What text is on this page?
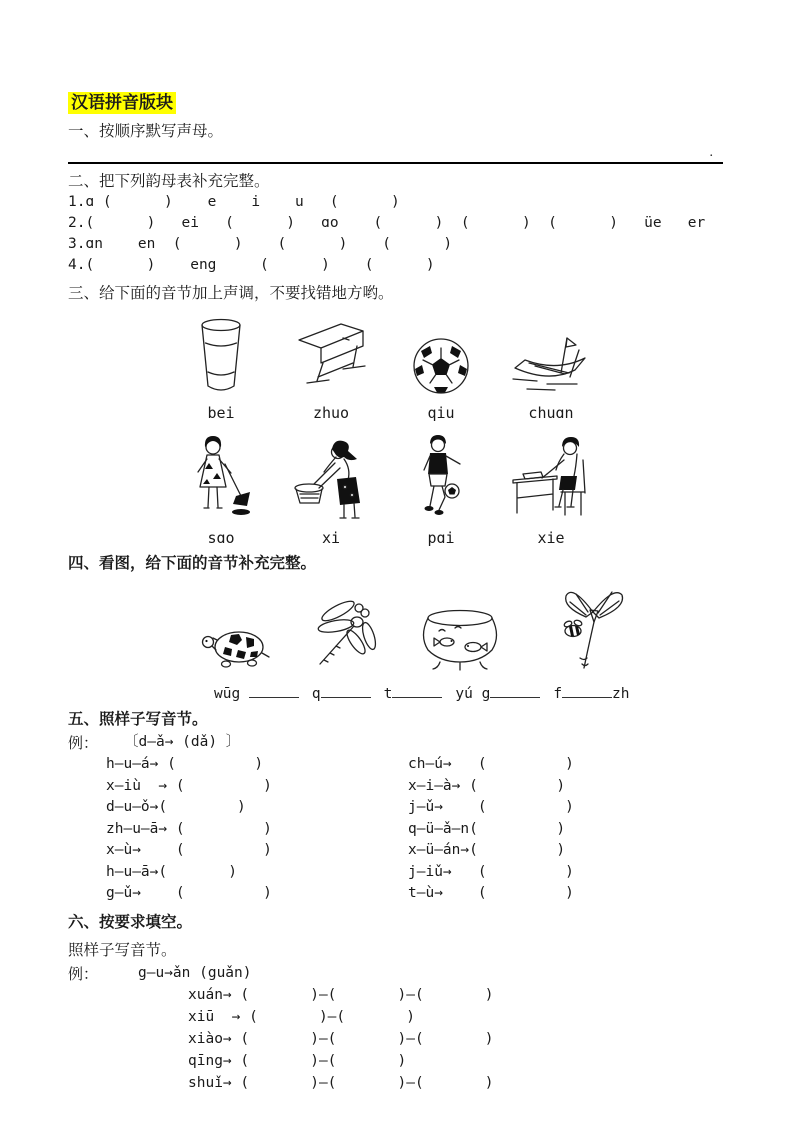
汉语拼音版块
一、按顺序默写声母。
.
二、把下列韵母表补充完整。
1.ɑ (      )    e    i    u   (      )
2.(      )   ei   (      )   ɑo    (      )  (      )  (      )   üe   er
3.ɑn    en  (      )    (      )    (      )
4.(      )    eng     (      )    (      )
三、给下面的音节加上声调，不要找错地方哟。
bei	zhuo	qiu	chuɑn
sɑo	xi	pɑi	xie
四、看图，给下面的音节补充完整。
wūg	q	t	yú g	f	zh
五、照样子写音节。
例：	〔d—ǎ→ (dǎ) 〕
h—u—á→ (         )	ch—ú→   (         )
x—iù  → (         )	x—i—à→ (         )
d—u—ǒ→(        )	j—ǔ→    (         )
zh—u—ā→ (         )	q—ü—ǎ—n(         )
x—ù→    (         )	x—ü—án→(         )
h—u—ā→(       )	j—iǔ→   (         )
g—ǔ→    (         )	t—ù→    (         )
六、按要求填空。
照样子写音节。
例：	g—u→ǎn (guǎn)
xuán→ (       )—(       )—(       )
xiū  → (       )—(       )
xiào→ (       )—(       )—(       )
qīng→ (       )—(       )
shuǐ→ (       )—(       )—(       )
